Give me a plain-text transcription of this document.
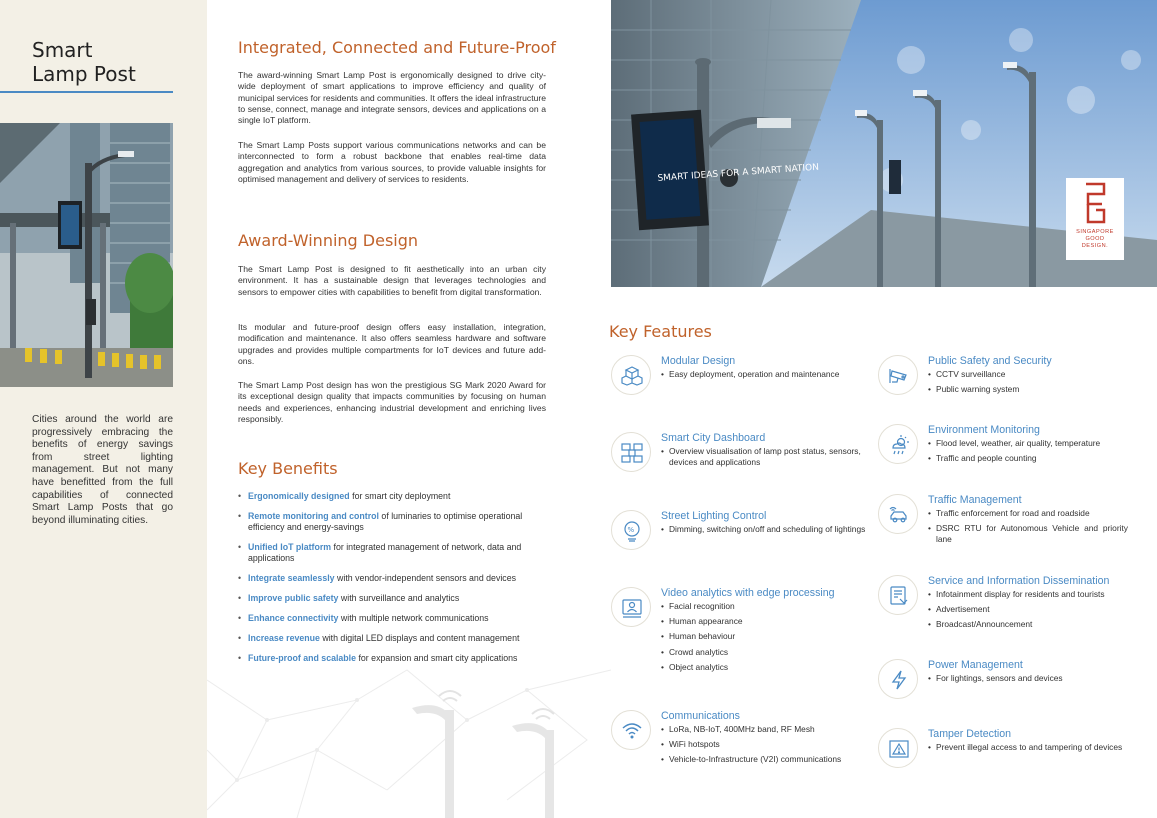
Smart
Lamp Post

Cities around the world are progressively embracing the benefits of energy savings from street lighting management. But not many have benefitted from the full capabilities of connected Smart Lamp Posts that go beyond illuminating cities.

Integrated, Connected and Future-Proof

The award-winning Smart Lamp Post is ergonomically designed to drive city-wide deployment of smart applications to improve efficiency and quality of municipal services for residents and communities. It offers the ideal infrastructure to sense, connect, manage and integrate sensors, devices and applications on a single IoT platform.

The Smart Lamp Posts support various communications networks and can be interconnected to form a robust backbone that enables real-time data aggregation and analytics from various sources, to provide valuable insights for optimised management and delivery of services to residents.

Award-Winning Design

The Smart Lamp Post is designed to fit aesthetically into an urban city environment. It has a sustainable design that leverages technologies and sensors to empower cities with capabilities to benefit from digital transformation.

Its modular and future-proof design offers easy installation, integration, modification and maintenance. It also offers seamless hardware and software upgrades and provides multiple compartments for IoT devices and future add-ons.

The Smart Lamp Post design has won the prestigious SG Mark 2020 Award for its exceptional design quality that impacts communities by focusing on human needs and experiences, enhancing industrial development and enriching lives responsibly.

Key Benefits
• Ergonomically designed for smart city deployment
• Remote monitoring and control of luminaries to optimise operational efficiency and energy-savings
• Unified IoT platform for integrated management of network, data and applications
• Integrate seamlessly with vendor-independent sensors and devices
• Improve public safety with surveillance and analytics
• Enhance connectivity with multiple network communications
• Increase revenue with digital LED displays and content management
• Future-proof and scalable for expansion and smart city applications
SMART IDEAS FOR A SMART NATION
SINGAPORE
GOOD
DESIGN.
Key Features
Modular Design
• Easy deployment, operation and maintenance
Smart City Dashboard
• Overview visualisation of lamp post status, sensors, devices and applications
%
Street Lighting Control
• Dimming, switching on/off and scheduling of lightings
Video analytics with edge processing
• Facial recognition
• Human appearance
• Human behaviour
• Crowd analytics
• Object analytics
Communications
• LoRa, NB-IoT, 400MHz band, RF Mesh
• WiFi hotspots
• Vehicle-to-Infrastructure (V2I) communications
Public Safety and Security
• CCTV surveillance
• Public warning system
Environment Monitoring
• Flood level, weather, air quality, temperature
• Traffic and people counting
Traffic Management
• Traffic enforcement for road and roadside
• DSRC RTU for Autonomous Vehicle and priority lane
Service and Information Dissemination
• Infotainment display for residents and tourists
• Advertisement
• Broadcast/Announcement
Power Management
• For lightings, sensors and devices
Tamper Detection
• Prevent illegal access to and tampering of devices
